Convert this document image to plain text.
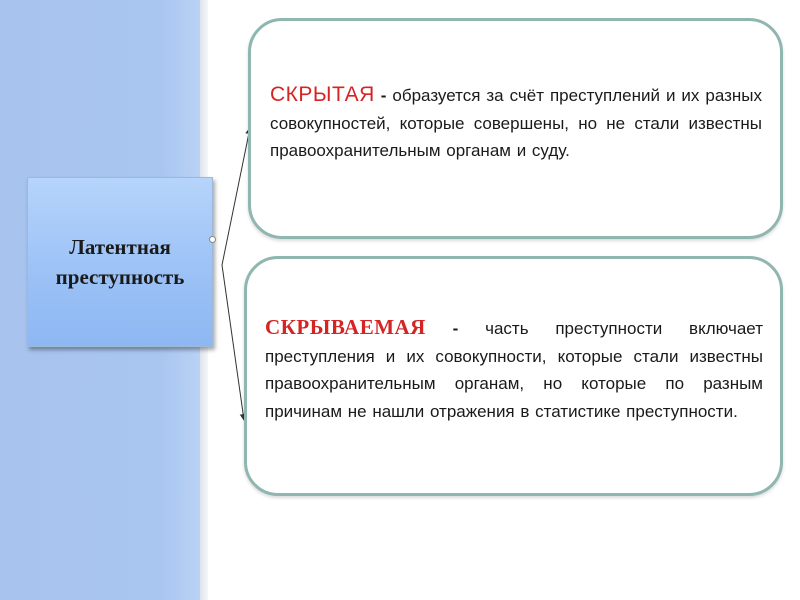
Латентная
преступность
СКРЫТАЯ - образуется за счёт преступлений и их разных совокупностей, которые совершены, но не стали известны правоохранительным органам и суду.
СКРЫВАЕМАЯ - часть преступности включает преступления и их совокупности, которые стали известны правоохранительным органам, но которые по разным причинам не нашли отражения в статистике преступности.
